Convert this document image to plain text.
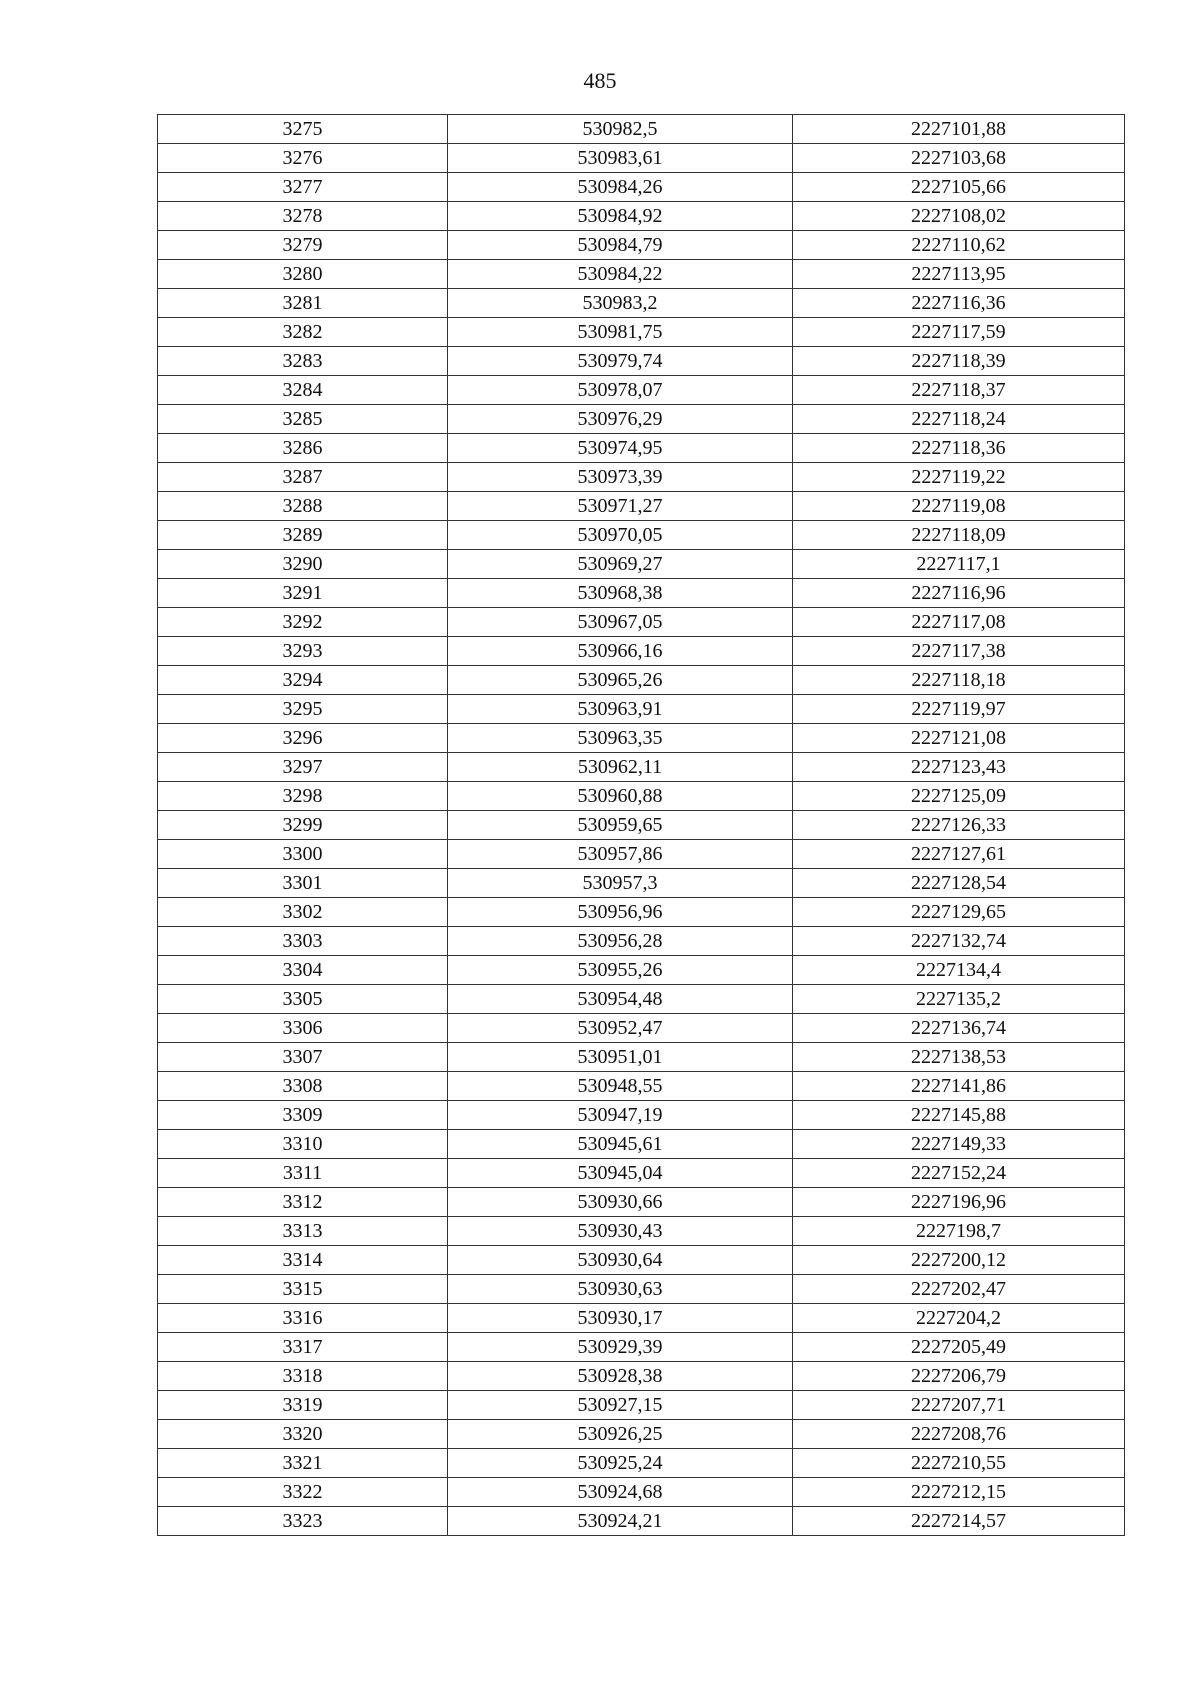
485
3275	530982,5	2227101,88
3276	530983,61	2227103,68
3277	530984,26	2227105,66
3278	530984,92	2227108,02
3279	530984,79	2227110,62
3280	530984,22	2227113,95
3281	530983,2	2227116,36
3282	530981,75	2227117,59
3283	530979,74	2227118,39
3284	530978,07	2227118,37
3285	530976,29	2227118,24
3286	530974,95	2227118,36
3287	530973,39	2227119,22
3288	530971,27	2227119,08
3289	530970,05	2227118,09
3290	530969,27	2227117,1
3291	530968,38	2227116,96
3292	530967,05	2227117,08
3293	530966,16	2227117,38
3294	530965,26	2227118,18
3295	530963,91	2227119,97
3296	530963,35	2227121,08
3297	530962,11	2227123,43
3298	530960,88	2227125,09
3299	530959,65	2227126,33
3300	530957,86	2227127,61
3301	530957,3	2227128,54
3302	530956,96	2227129,65
3303	530956,28	2227132,74
3304	530955,26	2227134,4
3305	530954,48	2227135,2
3306	530952,47	2227136,74
3307	530951,01	2227138,53
3308	530948,55	2227141,86
3309	530947,19	2227145,88
3310	530945,61	2227149,33
3311	530945,04	2227152,24
3312	530930,66	2227196,96
3313	530930,43	2227198,7
3314	530930,64	2227200,12
3315	530930,63	2227202,47
3316	530930,17	2227204,2
3317	530929,39	2227205,49
3318	530928,38	2227206,79
3319	530927,15	2227207,71
3320	530926,25	2227208,76
3321	530925,24	2227210,55
3322	530924,68	2227212,15
3323	530924,21	2227214,57
